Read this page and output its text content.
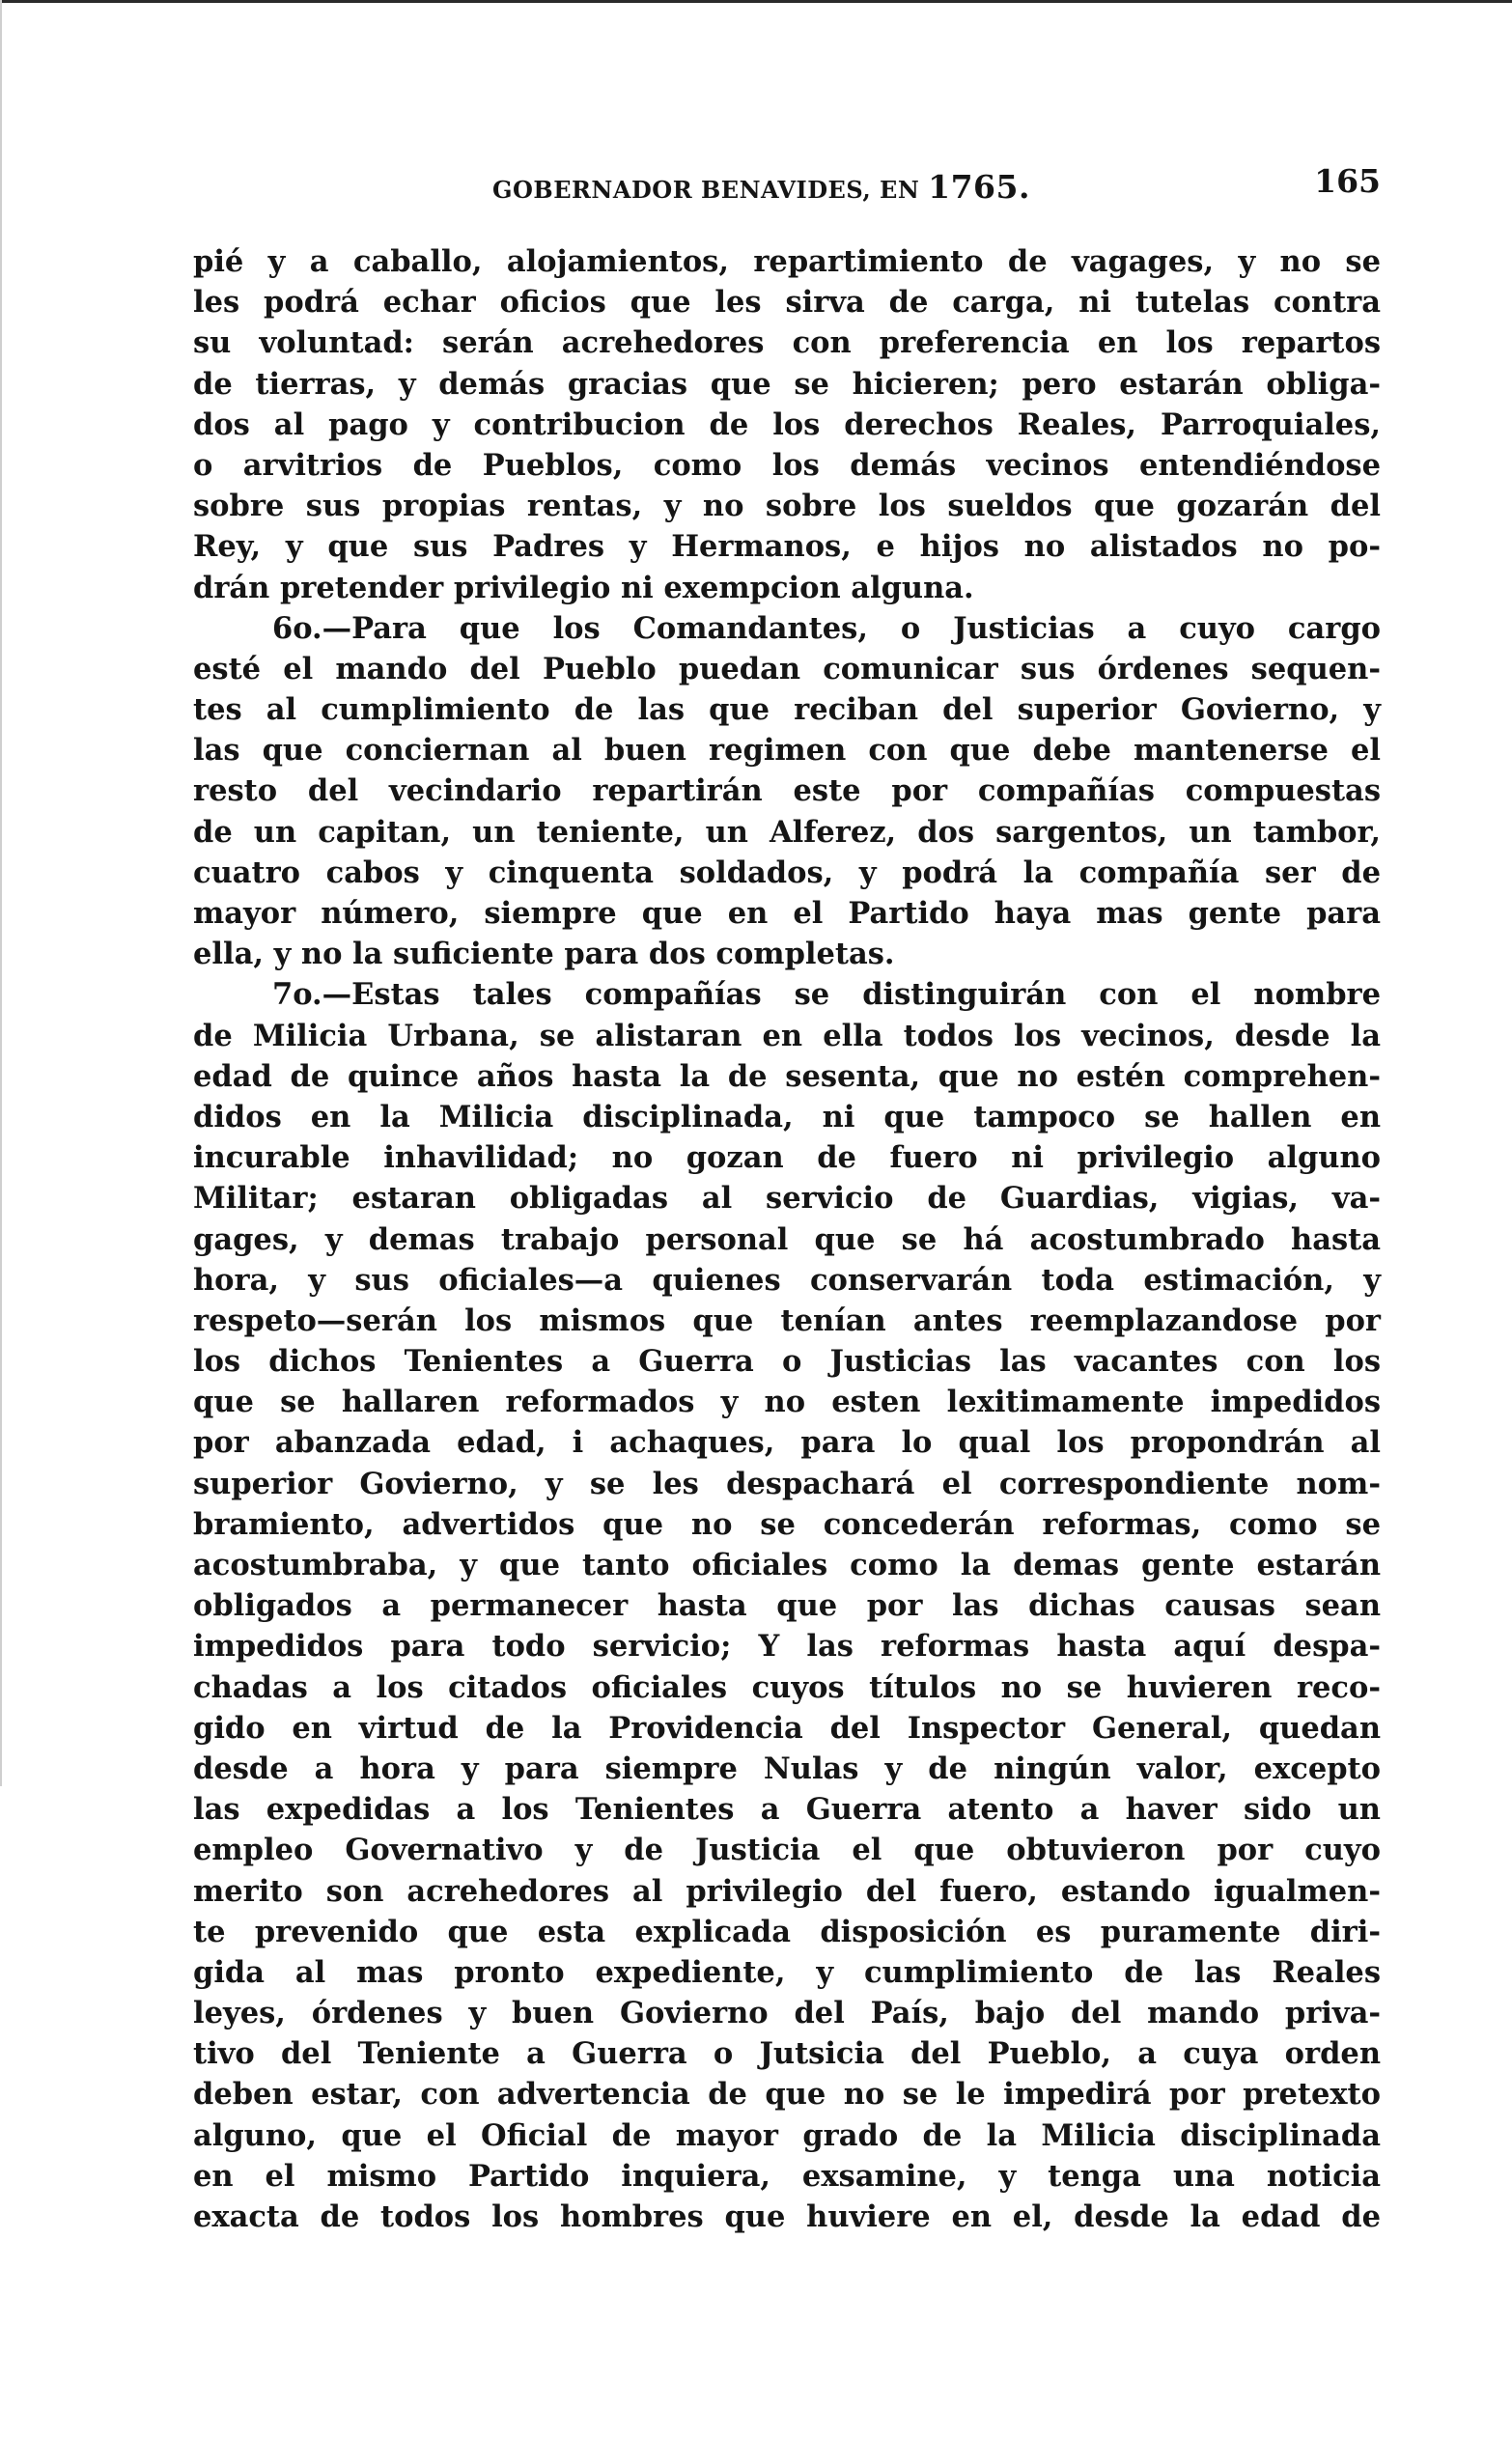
GOBERNADOR BENAVIDES, EN 1765.	165
pié y a caballo, alojamientos, repartimiento de vagages, y no se
les podrá echar oficios que les sirva de carga, ni tutelas contra
su voluntad: serán acrehedores con preferencia en los repartos
de tierras, y demás gracias que se hicieren; pero estarán obliga-
dos al pago y contribucion de los derechos Reales, Parroquiales,
o arvitrios de Pueblos, como los demás vecinos entendiéndose
sobre sus propias rentas, y no sobre los sueldos que gozarán del
Rey, y que sus Padres y Hermanos, e hijos no alistados no po-
drán pretender privilegio ni exempcion alguna.
6o.—Para que los Comandantes, o Justicias a cuyo cargo
esté el mando del Pueblo puedan comunicar sus órdenes sequen-
tes al cumplimiento de las que reciban del superior Govierno, y
las que conciernan al buen regimen con que debe mantenerse el
resto del vecindario repartirán este por compañías compuestas
de un capitan, un teniente, un Alferez, dos sargentos, un tambor,
cuatro cabos y cinquenta soldados, y podrá la compañía ser de
mayor número, siempre que en el Partido haya mas gente para
ella, y no la suficiente para dos completas.
7o.—Estas tales compañías se distinguirán con el nombre
de Milicia Urbana, se alistaran en ella todos los vecinos, desde la
edad de quince años hasta la de sesenta, que no estén comprehen-
didos en la Milicia disciplinada, ni que tampoco se hallen en
incurable inhavilidad; no gozan de fuero ni privilegio alguno
Militar; estaran obligadas al servicio de Guardias, vigias, va-
gages, y demas trabajo personal que se há acostumbrado hasta
hora, y sus oficiales—a quienes conservarán toda estimación, y
respeto—serán los mismos que tenían antes reemplazandose por
los dichos Tenientes a Guerra o Justicias las vacantes con los
que se hallaren reformados y no esten lexitimamente impedidos
por abanzada edad, i achaques, para lo qual los propondrán al
superior Govierno, y se les despachará el correspondiente nom-
bramiento, advertidos que no se concederán reformas, como se
acostumbraba, y que tanto oficiales como la demas gente estarán
obligados a permanecer hasta que por las dichas causas sean
impedidos para todo servicio; Y las reformas hasta aquí despa-
chadas a los citados oficiales cuyos títulos no se huvieren reco-
gido en virtud de la Providencia del Inspector General, quedan
desde a hora y para siempre Nulas y de ningún valor, excepto
las expedidas a los Tenientes a Guerra atento a haver sido un
empleo Governativo y de Justicia el que obtuvieron por cuyo
merito son acrehedores al privilegio del fuero, estando igualmen-
te prevenido que esta explicada disposición es puramente diri-
gida al mas pronto expediente, y cumplimiento de las Reales
leyes, órdenes y buen Govierno del País, bajo del mando priva-
tivo del Teniente a Guerra o Jutsicia del Pueblo, a cuya orden
deben estar, con advertencia de que no se le impedirá por pretexto
alguno, que el Oficial de mayor grado de la Milicia disciplinada
en el mismo Partido inquiera, exsamine, y tenga una noticia
exacta de todos los hombres que huviere en el, desde la edad de
